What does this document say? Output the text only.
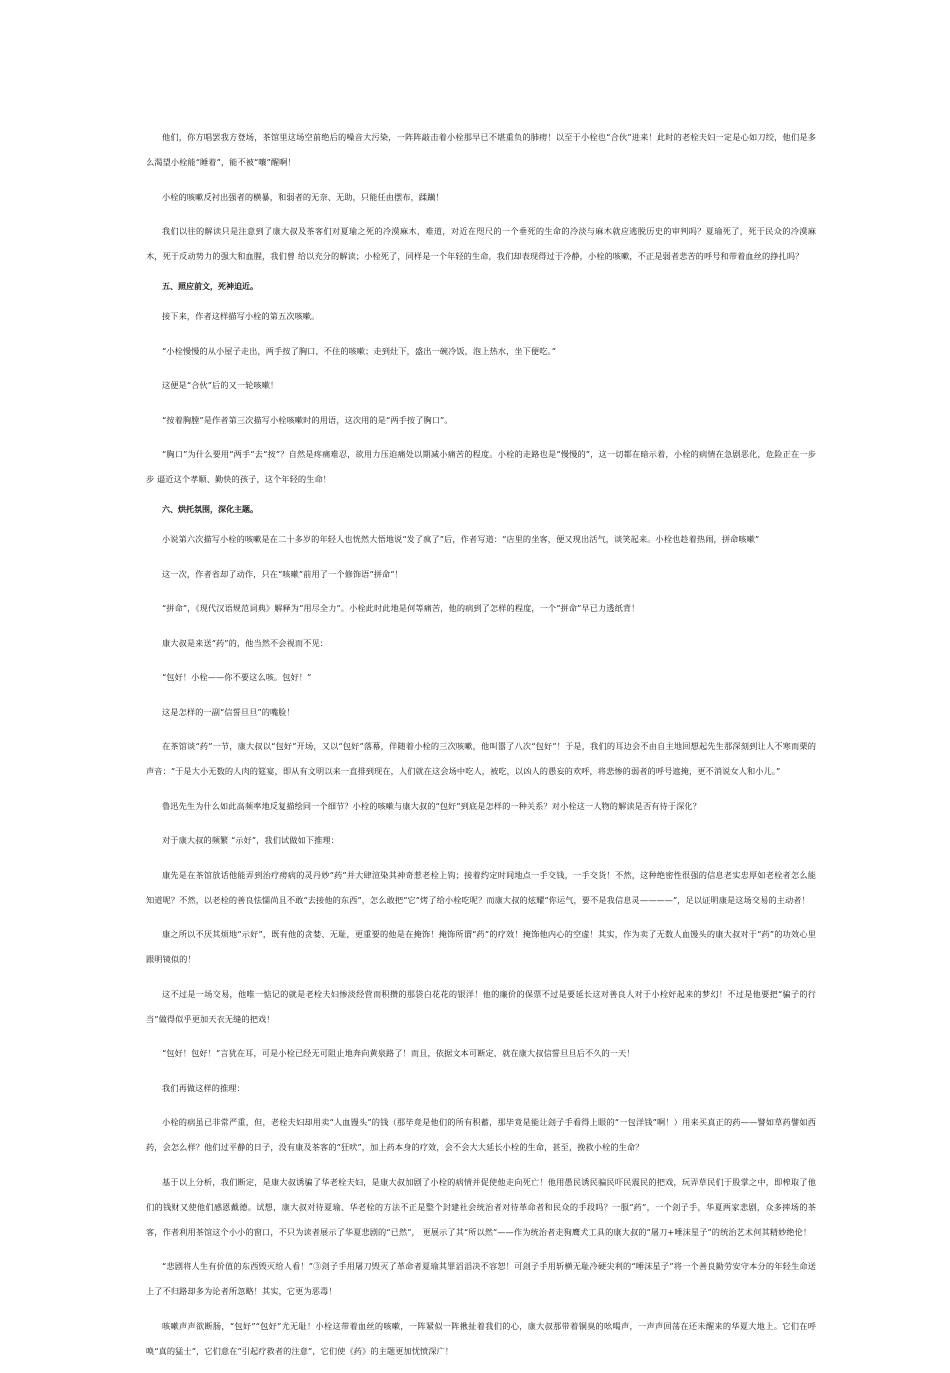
他们，你方唱罢我方登场，茶馆里这场空前绝后的噪音大污染，一阵阵敲击着小栓那早已不堪重负的肺痨！以至于小栓也“合伙”进来！此时的老栓夫妇一定是心如刀绞，他们是多么渴望小栓能“睡着”，能不被“嚷”醒啊！

小栓的咳嗽反衬出强者的横暴，和弱者的无奈、无助，只能任由摆布，蹂躏！

我们以往的解读只是注意到了康大叔及茶客们对夏瑜之死的冷漠麻木，难道，对近在咫尺的一个垂死的生命的冷淡与麻木就应逃脱历史的审判吗？夏瑜死了，死于民众的冷漠麻木，死于反动势力的强大和血腥，我们曾 给以充分的解读；小栓死了，同样是一个年轻的生命，我们却表现得过于冷静，小栓的咳嗽，不正是弱者悲苦的呼号和带着血丝的挣扎吗？

五、照应前文，死神迫近。

接下来，作者这样描写小栓的第五次咳嗽。

“小栓慢慢的从小屋子走出，两手按了胸口，不住的咳嗽；走到灶下，盛出一碗冷饭，泡上热水，坐下便吃。”

这便是“合伙”后的又一轮咳嗽！

“按着胸膛”是作者第三次描写小栓咳嗽时的用语，这次用的是“两手按了胸口”。

“胸口”为什么要用“两手”去“按”？自然是疼痛难忍，欲用力压迫痛处以期减小痛苦的程度。小栓的走路也是“慢慢的”，这一切都在暗示着，小栓的病情在急剧恶化，危险正在一步步 逼近这个孝顺、勤快的孩子，这个年轻的生命！

六、烘托氛围，深化主题。

小说第六次描写小栓的咳嗽是在二十多岁的年轻人也恍然大悟地说“发了疯了”后，作者写道：“店里的坐客，便又现出活气，谈笑起来。小栓也趁着热闹，拼命咳嗽”

这一次，作者省却了动作，只在“咳嗽”前用了一个修饰语“拼命”！

“拼命”，《现代汉语规范词典》解释为“用尽全力”。小栓此时此地是何等痛苦，他的病到了怎样的程度，一个“拼命”早已力透纸背！

康大叔是来送“药”的，他当然不会视而不见：

“包好！小栓——你不要这么咳。包好！”

这是怎样的一副“信誓旦旦”的嘴脸！

在茶馆谈“药”一节，康大叔以“包好”开场，又以“包好”落幕，伴随着小栓的三次咳嗽，他叫嚣了八次“包好”！于是，我们的耳边会不由自主地回想起先生那深刻到让人不寒而栗的声音：“于是大小无数的人肉的筵宴，即从有文明以来一直排到现在，人们就在这会场中吃人，被吃，以凶人的愚妄的欢呼，将悲惨的弱者的呼号遮掩，更不消说女人和小儿。”

鲁迅先生为什么如此高频率地反复描绘同一个细节？小栓的咳嗽与康大叔的“包好”到底是怎样的一种关系？对小栓这一人物的解读是否有待于深化？

对于康大叔的频繁 “示好”，我们试做如下推理：

康先是在茶馆放话他能弄到治疗痨病的灵丹妙“药”并大肆渲染其神奇惹老栓上钩；接着约定时间地点一手交钱，一手交货！不然，这种绝密性很强的信息老实忠厚如老栓者怎么能知道呢？不然，以老栓的善良怯懦尚且不敢“去接他的东西”，怎么敢把“它”烤了给小栓吃呢？而康大叔的炫耀“你运气，要不是我信息灵————”，足以证明康是这场交易的主动者！

康之所以不厌其烦地“示好”，既有他的贪婪、无耻，更重要的他是在掩饰！掩饰所谓“药”的疗效！掩饰他内心的空虚！其实，作为卖了无数人血馒头的康大叔对于“药”的功效心里跟明镜似的！

这不过是一场交易，他唯一惦记的就是老栓夫妇惨淡经营而积攒的那袋白花花的银洋！他的廉价的保票不过是要延长这对善良人对于小栓好起来的梦幻！不过是他要把“骗子的行当”做得似乎更加天衣无缝的把戏！

“包好！包好！”言犹在耳，可是小栓已经无可阻止地奔向黄泉路了！而且，依据文本可断定，就在康大叔信誓旦旦后不久的一天！

我们再做这样的推理：

小栓的病虽已非常严重，但，老栓夫妇却用卖“人血馒头”的钱（那毕竟是他们的所有积蓄，那毕竟是能让刽子手看得上眼的“一包洋钱”啊！）用来买真正的药——譬如草药譬如西药，会怎么样？他们过平静的日子，没有康及茶客的“狂吠”，加上药本身的疗效，会不会大大延长小栓的生命，甚至，挽救小栓的生命？

基于以上分析，我们断定，是康大叔诱骗了华老栓夫妇，是康大叔加剧了小栓的病情并促使他走向死亡！他用愚民诱民骗民吓民震民的把戏，玩弄草民们于股掌之中，即榨取了他们的钱财又使他们感恩戴德。试想，康大叔对待夏瑜、华老栓的方法不正是整个封建社会统治者对待革命者和民众的手段吗？一服“药”，一个刽子手，华夏两家悲剧，众多摔场的茶客，作者利用茶馆这个小小的窗口，不只为读者展示了华夏悲剧的“已然”， 更展示了其“所以然”——作为统治者走狗鹰犬工具的康大叔的“屠刀+唾沫星子”的统治艺术何其精妙绝伦！

“悲剧将人生有价值的东西毁灭给人看！”③刽子手用屠刀毁灭了革命者夏瑜其罪滔滔决不容恕！可刽子手用斩横无耻冷硬尖利的“唾沫星子”将一个善良勤劳安守本分的年轻生命送上了不归路却多为论者所忽略！其实，它更为恶毒！

咳嗽声声欲断肠，“包好”“包好”尤无耻！小栓这带着血丝的咳嗽，一阵紧似一阵揪扯着我们的心，康大叔那带着铜臭的吆喝声，一声声回荡在还未醒来的华夏大地上。它们在呼唤“真的猛士”，它们意在“引起疗救者的注意”，它们使《药》的主题更加忧愤深广！
